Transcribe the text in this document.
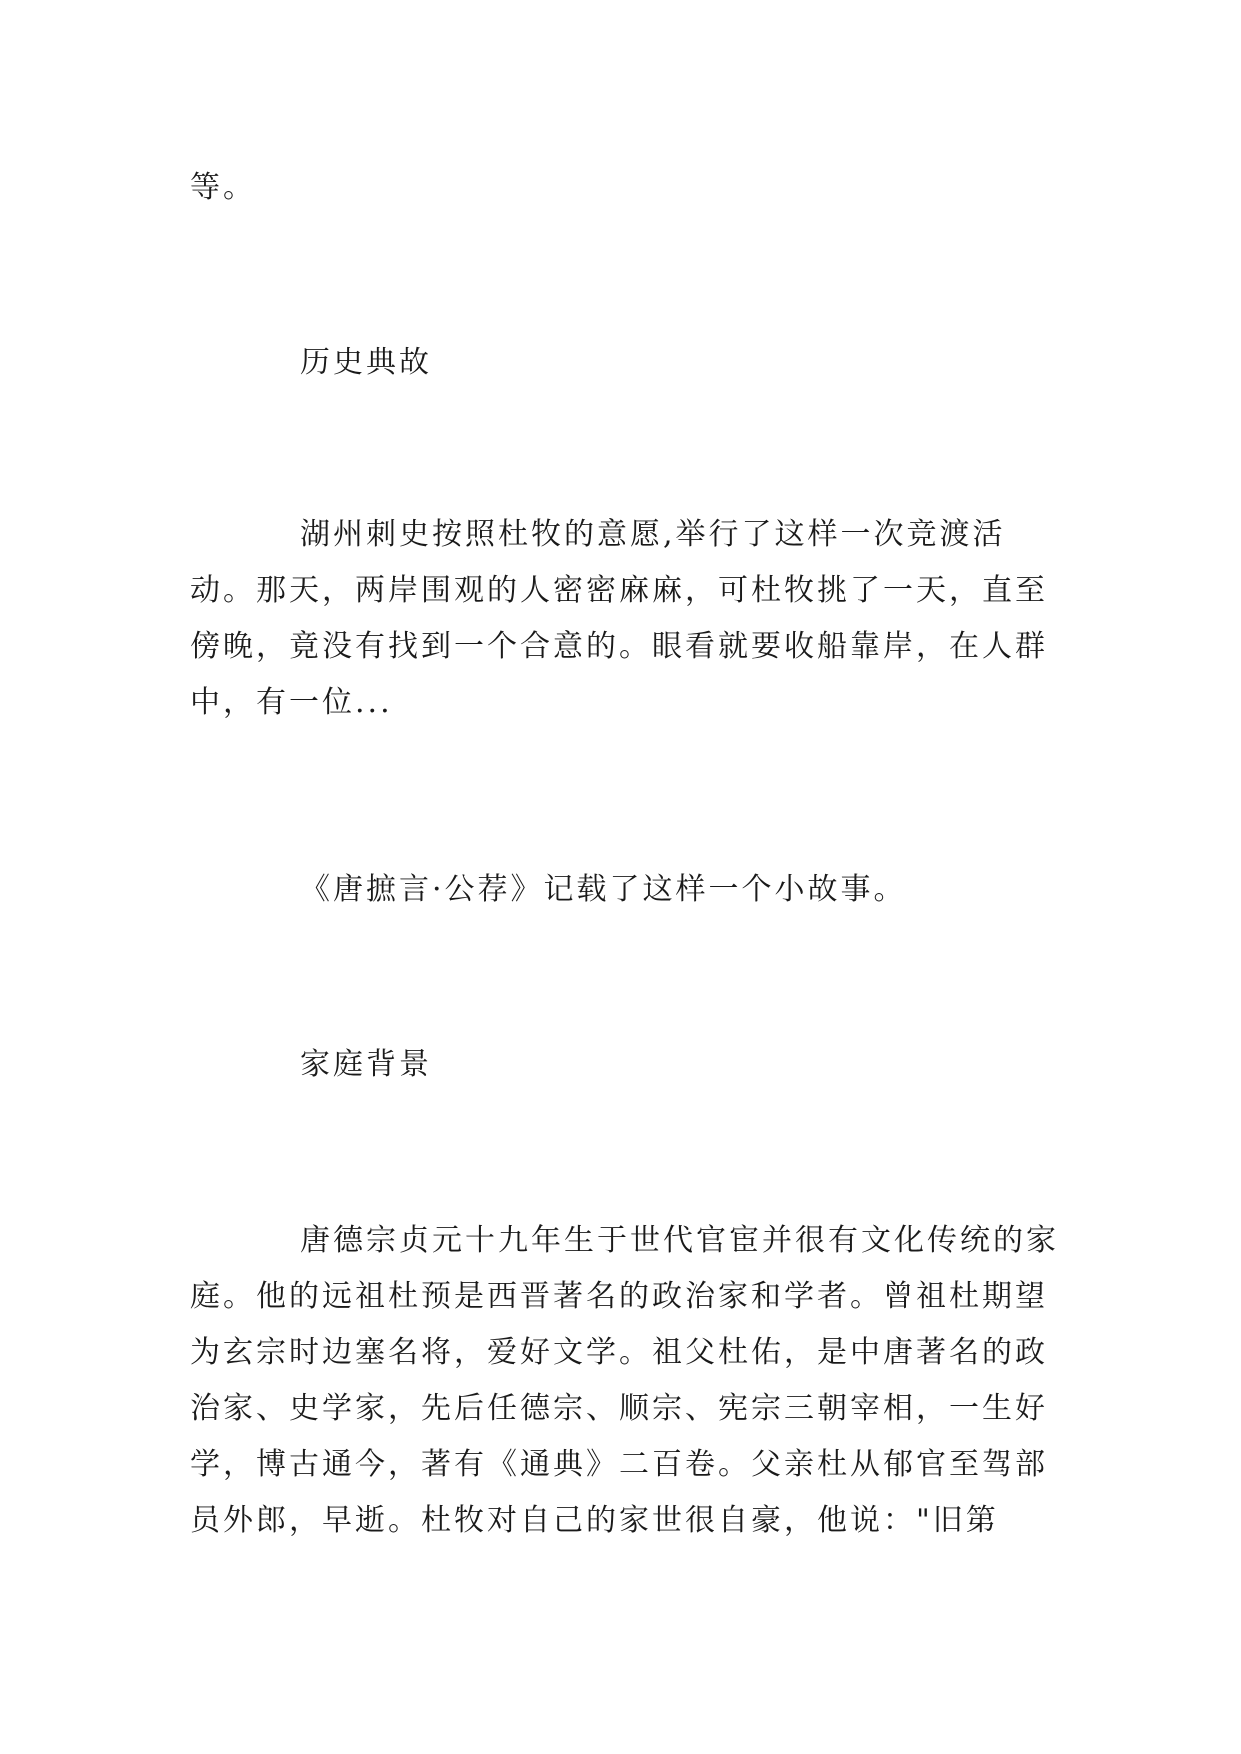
等。

历史典故

湖州刺史按照杜牧的意愿,举行了这样一次竞渡活动。那天，两岸围观的人密密麻麻，可杜牧挑了一天，直至傍晚，竟没有找到一个合意的。眼看就要收船靠岸，在人群中，有一位...

《唐摭言·公荐》记载了这样一个小故事。

家庭背景

唐德宗贞元十九年生于世代官宦并很有文化传统的家庭。他的远祖杜预是西晋著名的政治家和学者。曾祖杜期望为玄宗时边塞名将，爱好文学。祖父杜佑，是中唐著名的政治家、史学家，先后任德宗、顺宗、宪宗三朝宰相，一生好学，博古通今，著有《通典》二百卷。父亲杜从郁官至驾部员外郎，早逝。杜牧对自己的家世很自豪，他说："旧第
